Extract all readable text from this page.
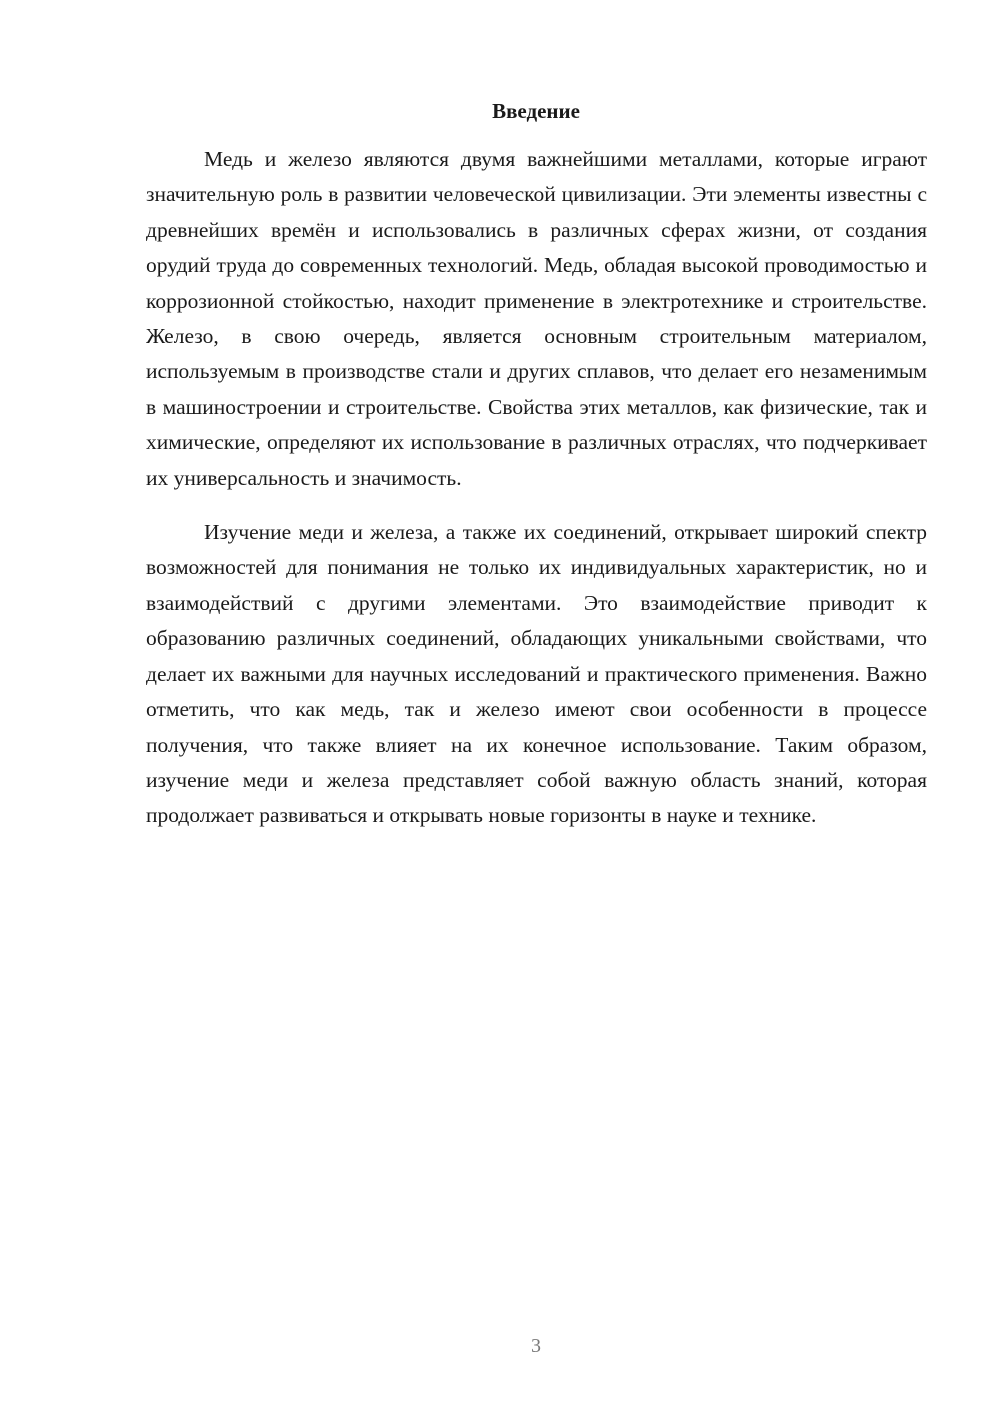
Введение

Медь и железо являются двумя важнейшими металлами, которые играют значительную роль в развитии человеческой цивилизации. Эти элементы известны с древнейших времён и использовались в различных сферах жизни, от создания орудий труда до современных технологий. Медь, обладая высокой проводимостью и коррозионной стойкостью, находит применение в электротехнике и строительстве. Железо, в свою очередь, является основным строительным материалом, используемым в производстве стали и других сплавов, что делает его незаменимым в машиностроении и строительстве. Свойства этих металлов, как физические, так и химические, определяют их использование в различных отраслях, что подчеркивает их универсальность и значимость.

Изучение меди и железа, а также их соединений, открывает широкий спектр возможностей для понимания не только их индивидуальных характеристик, но и взаимодействий с другими элементами. Это взаимодействие приводит к образованию различных соединений, обладающих уникальными свойствами, что делает их важными для научных исследований и практического применения. Важно отметить, что как медь, так и железо имеют свои особенности в процессе получения, что также влияет на их конечное использование. Таким образом, изучение меди и железа представляет собой важную область знаний, которая продолжает развиваться и открывать новые горизонты в науке и технике.

3
